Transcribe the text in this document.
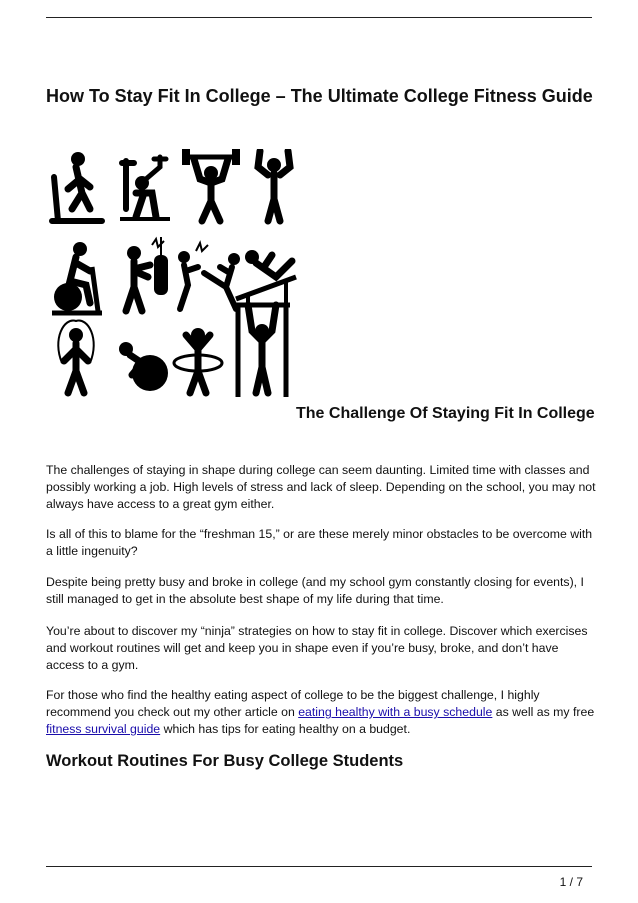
How To Stay Fit In College – The Ultimate College Fitness Guide
The Challenge Of Staying Fit In College

The challenges of staying in shape during college can seem daunting. Limited time with classes and possibly working a job. High levels of stress and lack of sleep. Depending on the school, you may not always have access to a great gym either.

Is all of this to blame for the “freshman 15,” or are these merely minor obstacles to be overcome with a little ingenuity?

Despite being pretty busy and broke in college (and my school gym constantly closing for events), I still managed to get in the absolute best shape of my life during that time.

You’re about to discover my “ninja” strategies on how to stay fit in college. Discover which exercises and workout routines will get and keep you in shape even if you’re busy, broke, and don’t have access to a gym.

For those who find the healthy eating aspect of college to be the biggest challenge, I highly recommend you check out my other article on eating healthy with a busy schedule as well as my free fitness survival guide which has tips for eating healthy on a budget.

Workout Routines For Busy College Students
1 / 7
